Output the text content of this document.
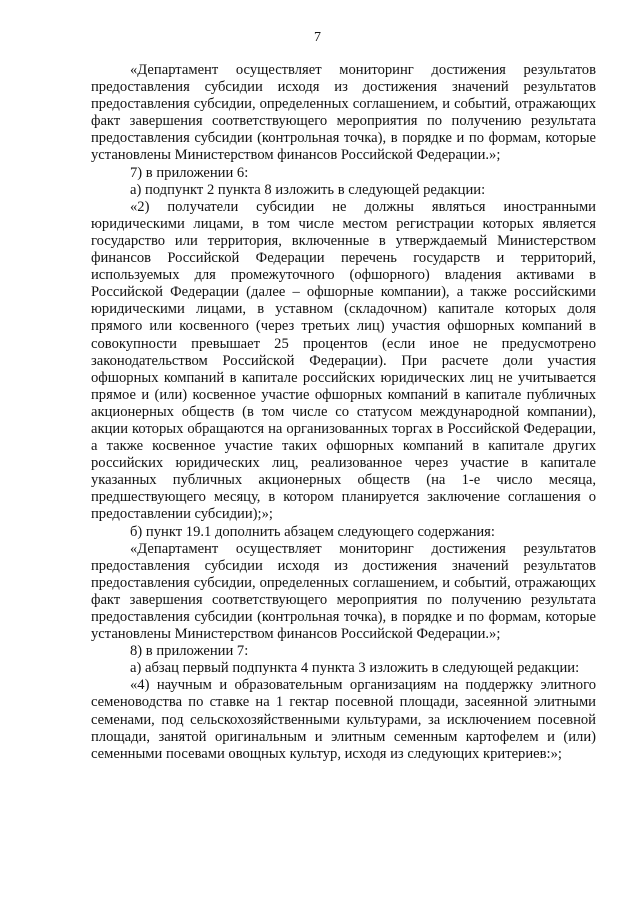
7

«Департамент осуществляет мониторинг достижения результатов предоставления субсидии исходя из достижения значений результатов предоставления субсидии, определенных соглашением, и событий, отражающих факт завершения соответствующего мероприятия по получению результата предоставления субсидии (контрольная точка), в порядке и по формам, которые установлены Министерством финансов Российской Федерации.»;

7) в приложении 6:

а) подпункт 2 пункта 8 изложить в следующей редакции:

«2) получатели субсидии не должны являться иностранными юридическими лицами, в том числе местом регистрации которых является государство или территория, включенные в утверждаемый Министерством финансов Российской Федерации перечень государств и территорий, используемых для промежуточного (офшорного) владения активами в Российской Федерации (далее – офшорные компании), а также российскими юридическими лицами, в уставном (складочном) капитале которых доля прямого или косвенного (через третьих лиц) участия офшорных компаний в совокупности превышает 25 процентов (если иное не предусмотрено законодательством Российской Федерации). При расчете доли участия офшорных компаний в капитале российских юридических лиц не учитывается прямое и (или) косвенное участие офшорных компаний в капитале публичных акционерных обществ (в том числе со статусом международной компании), акции которых обращаются на организованных торгах в Российской Федерации, а также косвенное участие таких офшорных компаний в капитале других российских юридических лиц, реализованное через участие в капитале указанных публичных акционерных обществ (на 1-е число месяца, предшествующего месяцу, в котором планируется заключение соглашения о предоставлении субсидии);»;

б) пункт 19.1 дополнить абзацем следующего содержания:

«Департамент осуществляет мониторинг достижения результатов предоставления субсидии исходя из достижения значений результатов предоставления субсидии, определенных соглашением, и событий, отражающих факт завершения соответствующего мероприятия по получению результата предоставления субсидии (контрольная точка), в порядке и по формам, которые установлены Министерством финансов Российской Федерации.»;

8) в приложении 7:

а) абзац первый подпункта 4 пункта 3 изложить в следующей редакции:

«4) научным и образовательным организациям на поддержку элитного семеноводства по ставке на 1 гектар посевной площади, засеянной элитными семенами, под сельскохозяйственными культурами, за исключением посевной площади, занятой оригинальным и элитным семенным картофелем и (или) семенными посевами овощных культур, исходя из следующих критериев:»;
